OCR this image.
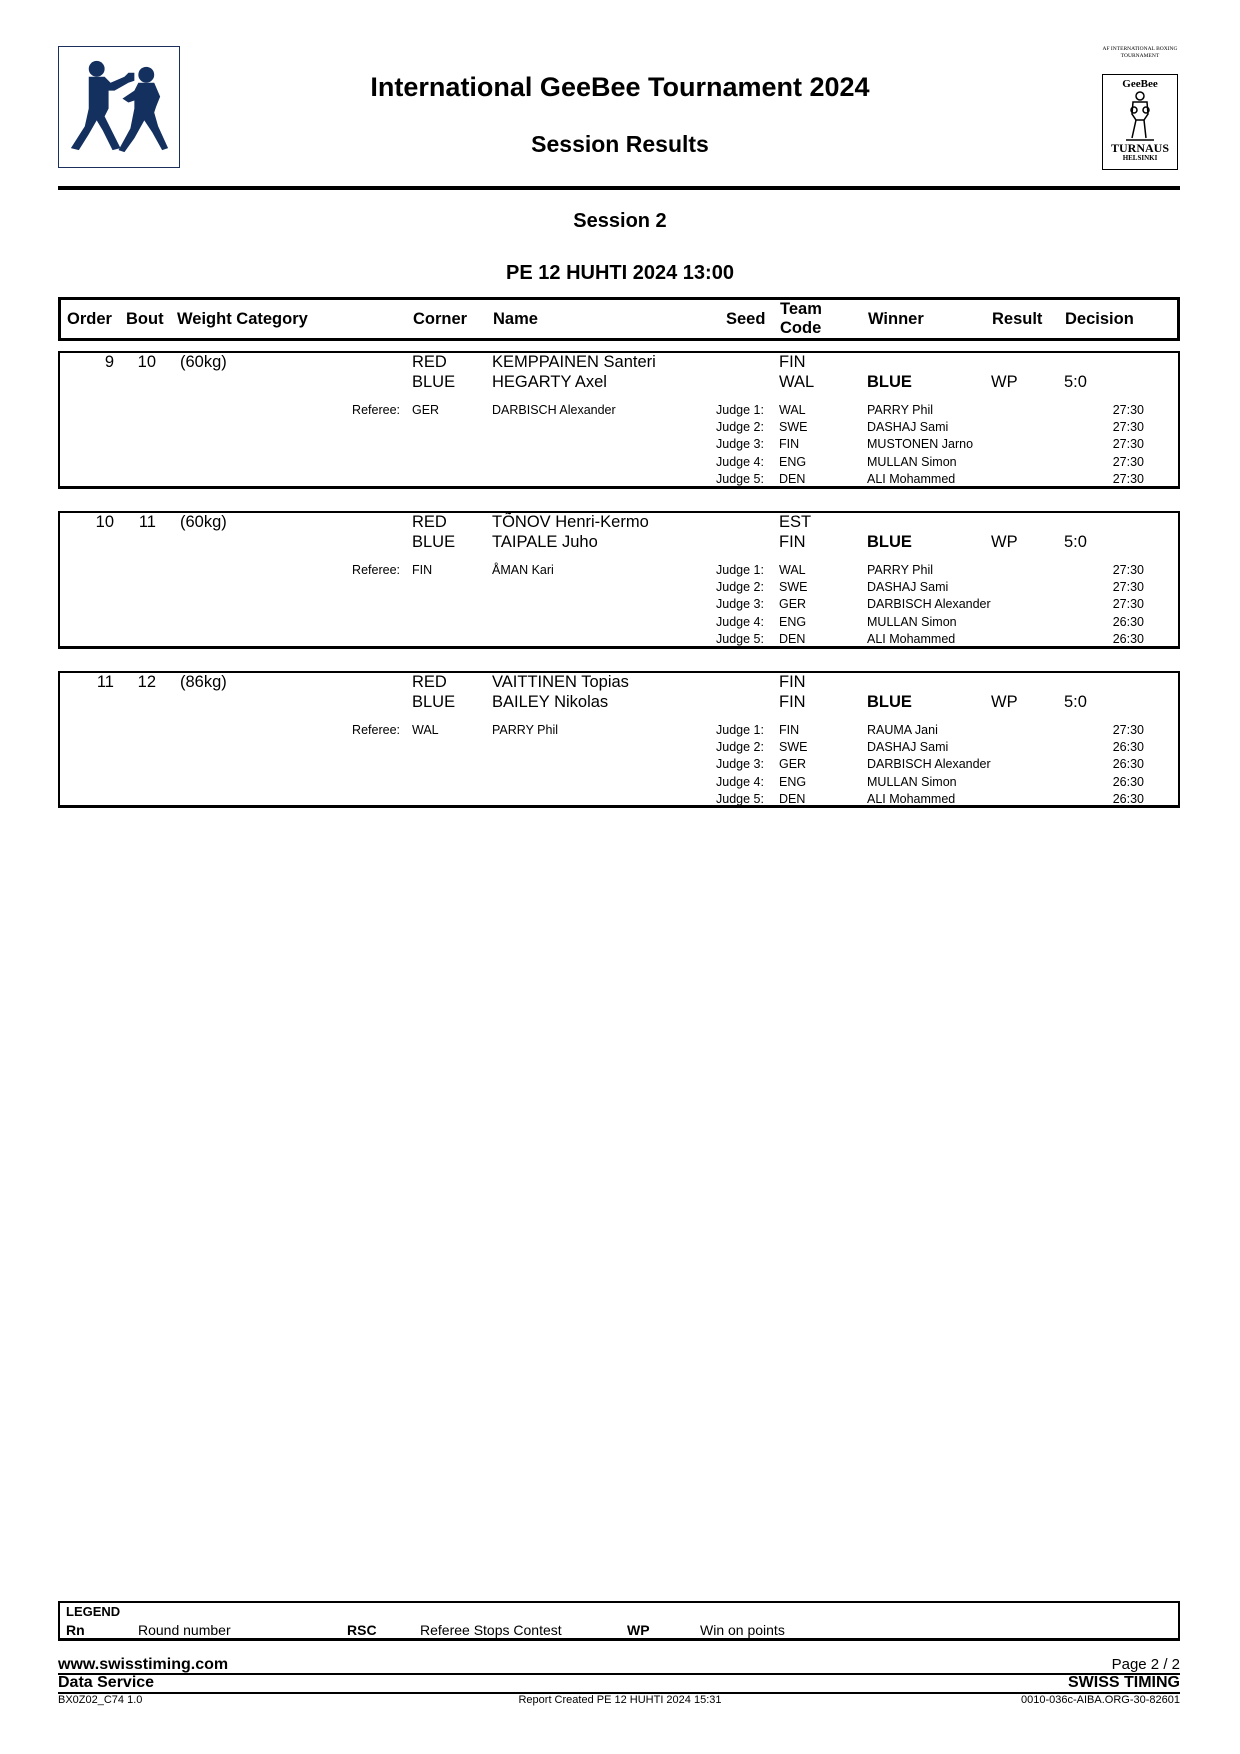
AF INTERNATIONAL BOXING
TOURNAMENT
GeeBee
TURNAUS
HELSINKI
International GeeBee Tournament 2024
Session Results
Session 2
PE 12 HUHTI 2024 13:00
Order Bout Weight Category	Corner Name	Seed
Team
Code	Winner	Result Decision
9	10 (60kg)	RED	KEMPPAINEN Santeri	FIN
BLUE HEGARTY Axel	WAL	BLUE	WP	5:0
Referee: GER	DARBISCH Alexander	Judge 1: WAL	PARRY Phil	27:30
Judge 2: SWE	DASHAJ Sami	27:30
Judge 3: FIN	MUSTONEN Jarno	27:30
Judge 4: ENG	MULLAN Simon	27:30
Judge 5: DEN	ALI Mohammed	27:30
10	11 (60kg)	RED	TÕNOV Henri-Kermo	EST
BLUE TAIPALE Juho	FIN	BLUE	WP	5:0
Referee: FIN	ÅMAN Kari	Judge 1: WAL	PARRY Phil	27:30
Judge 2: SWE	DASHAJ Sami	27:30
Judge 3: GER	DARBISCH Alexander	27:30
Judge 4: ENG	MULLAN Simon	26:30
Judge 5: DEN	ALI Mohammed	26:30
11	12 (86kg)	RED	VAITTINEN Topias	FIN
BLUE BAILEY Nikolas	FIN	BLUE	WP	5:0
Referee: WAL	PARRY Phil	Judge 1: FIN	RAUMA Jani	27:30
Judge 2: SWE	DASHAJ Sami	26:30
Judge 3: GER	DARBISCH Alexander	26:30
Judge 4: ENG	MULLAN Simon	26:30
Judge 5: DEN	ALI Mohammed	26:30
LEGEND
Rn	Round number	RSC	Referee Stops Contest	WP	Win on points
www.swisstiming.com	Page 2 / 2
Data Service	SWISS TIMING
BX0Z02_C74 1.0	Report Created PE 12 HUHTI 2024 15:31	0010-036c-AIBA.ORG-30-82601
